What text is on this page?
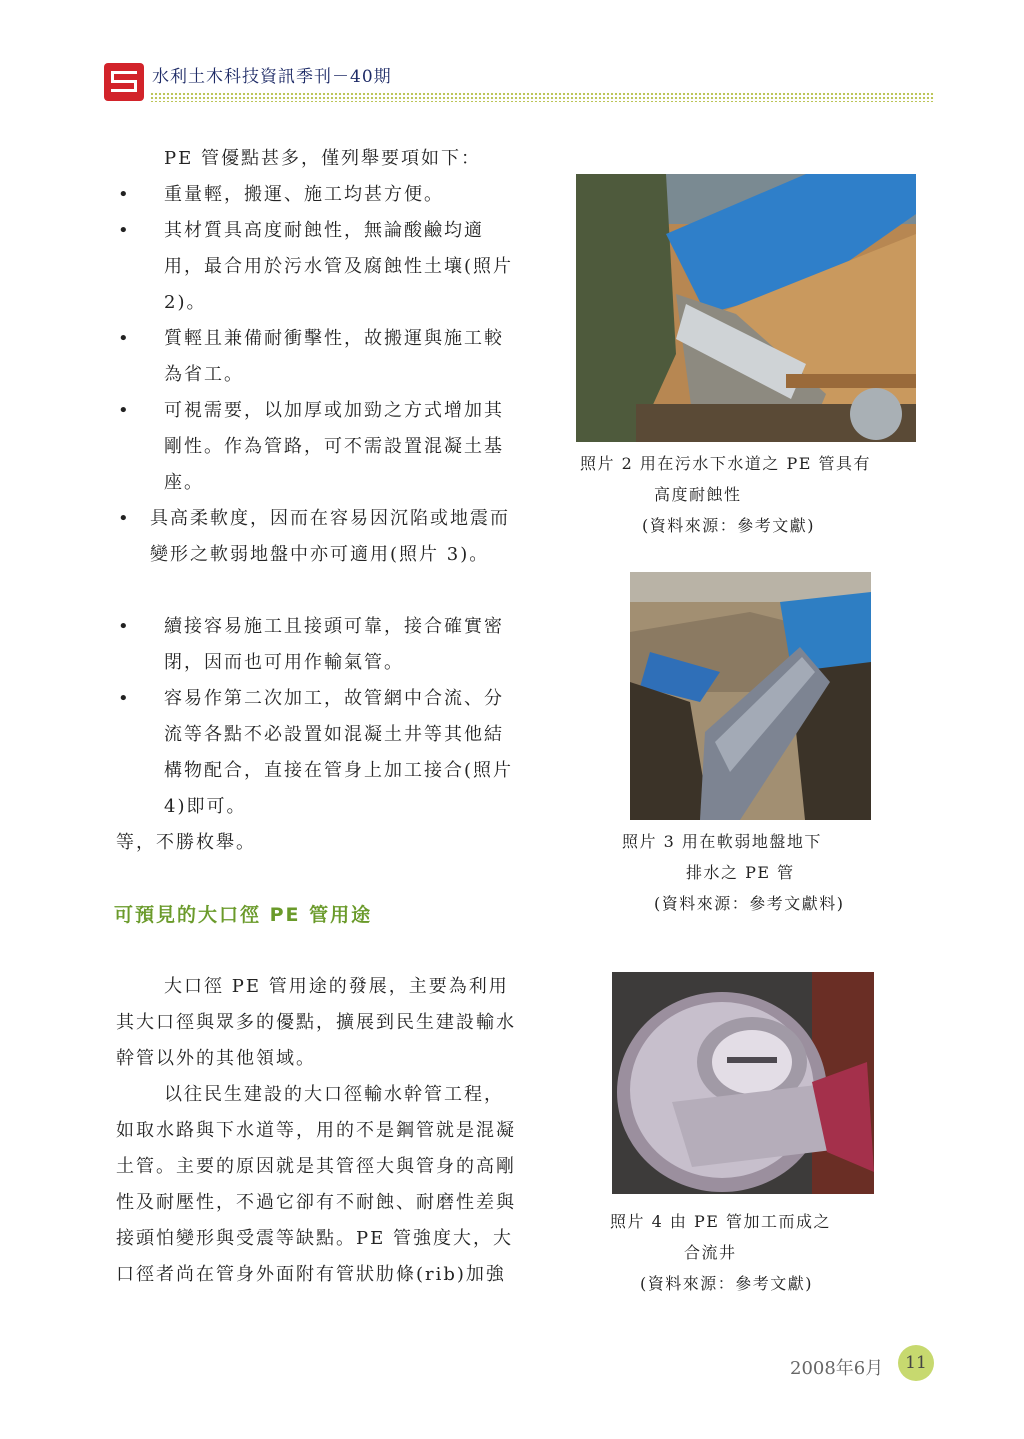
水利土木科技資訊季刊－40期

PE 管優點甚多，僅列舉要項如下：

• 重量輕，搬運、施工均甚方便。
• 其材質具高度耐蝕性，無論酸鹼均適用，最合用於污水管及腐蝕性土壤(照片 2)。
• 質輕且兼備耐衝擊性，故搬運與施工較為省工。
• 可視需要，以加厚或加勁之方式增加其剛性。作為管路，可不需設置混凝土基座。
• 具高柔軟度，因而在容易因沉陷或地震而變形之軟弱地盤中亦可適用(照片 3)。
• 續接容易施工且接頭可靠，接合確實密閉，因而也可用作輸氣管。
• 容易作第二次加工，故管網中合流、分流等各點不必設置如混凝土井等其他結構物配合，直接在管身上加工接合(照片 4)即可。

等，不勝枚舉。

可預見的大口徑 PE 管用途

大口徑 PE 管用途的發展，主要為利用其大口徑與眾多的優點，擴展到民生建設輸水幹管以外的其他領域。

以往民生建設的大口徑輸水幹管工程，如取水路與下水道等，用的不是鋼管就是混凝土管。主要的原因就是其管徑大與管身的高剛性及耐壓性，不過它卻有不耐蝕、耐磨性差與接頭怕變形與受震等缺點。PE 管強度大，大口徑者尚在管身外面附有管狀肋條(rib)加強

照片 2 用在污水下水道之 PE 管具有
高度耐蝕性
(資料來源：參考文獻)
照片 3 用在軟弱地盤地下
排水之 PE 管
(資料來源：參考文獻料)
照片 4 由 PE 管加工而成之
合流井
(資料來源：參考文獻)
2008年6月	11
